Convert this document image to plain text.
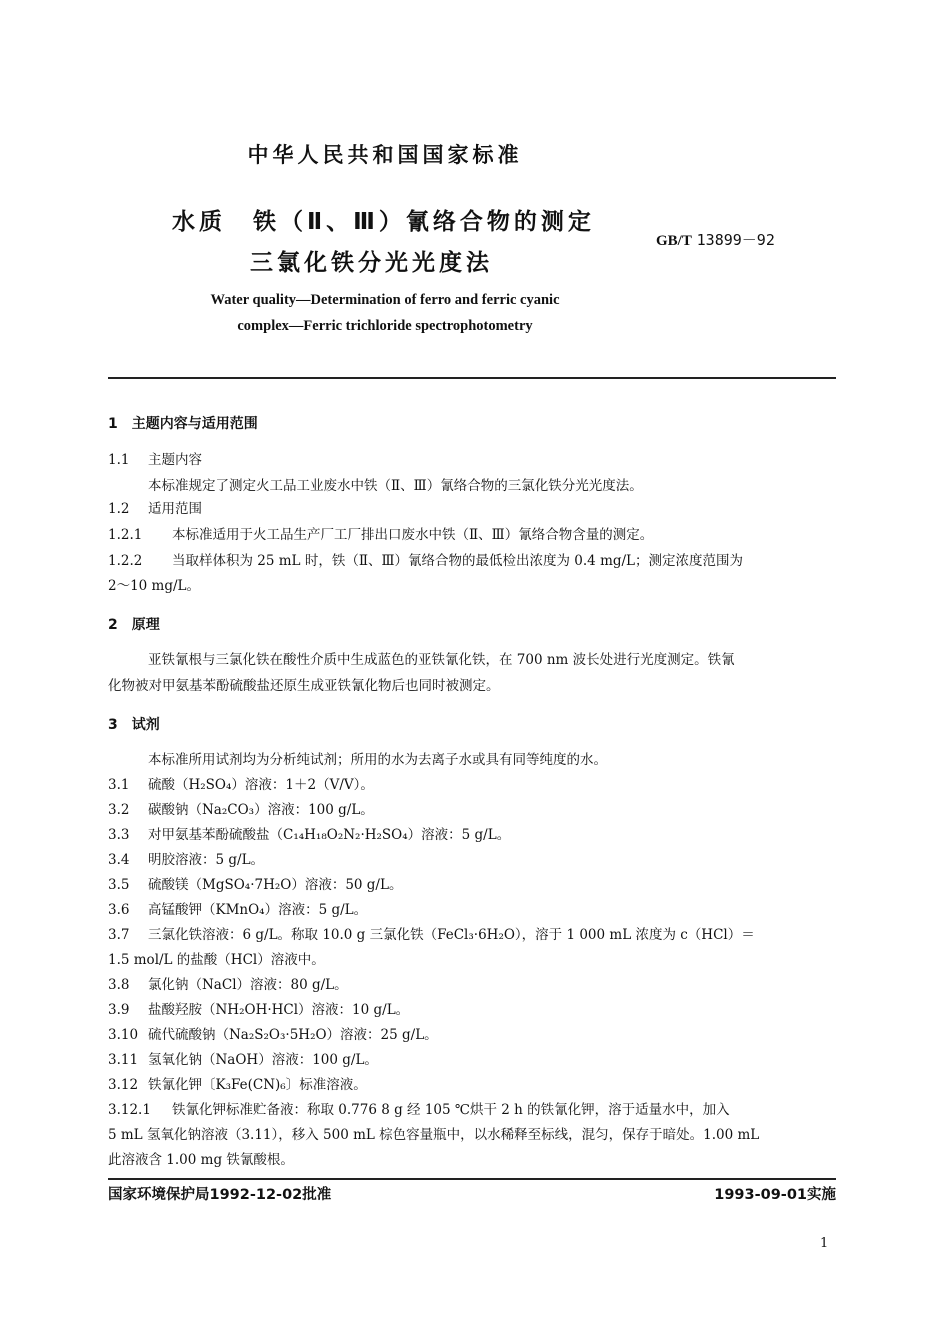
中华人民共和国国家标准
水质　铁（Ⅱ、Ⅲ）氰络合物的测定
三氯化铁分光光度法
GB/T 13899－92
Water quality—Determination of ferro and ferric cyanic
complex—Ferric trichloride spectrophotometry
1　主题内容与适用范围
1.1 主题内容
本标准规定了测定火工品工业废水中铁（Ⅱ、Ⅲ）氰络合物的三氯化铁分光光度法。
1.2 适用范围
1.2.1 本标准适用于火工品生产厂工厂排出口废水中铁（Ⅱ、Ⅲ）氰络合物含量的测定。
1.2.2 当取样体积为 25 mL 时，铁（Ⅱ、Ⅲ）氰络合物的最低检出浓度为 0.4 mg/L；测定浓度范围为
2～10 mg/L。
2　原理
亚铁氰根与三氯化铁在酸性介质中生成蓝色的亚铁氰化铁，在 700 nm 波长处进行光度测定。铁氰
化物被对甲氨基苯酚硫酸盐还原生成亚铁氰化物后也同时被测定。
3　试剂
本标准所用试剂均为分析纯试剂；所用的水为去离子水或具有同等纯度的水。
3.1 硫酸（H₂SO₄）溶液：1＋2（V/V）。
3.2 碳酸钠（Na₂CO₃）溶液：100 g/L。
3.3 对甲氨基苯酚硫酸盐（C₁₄H₁₈O₂N₂·H₂SO₄）溶液：5 g/L。
3.4 明胶溶液：5 g/L。
3.5 硫酸镁（MgSO₄·7H₂O）溶液：50 g/L。
3.6 高锰酸钾（KMnO₄）溶液：5 g/L。
3.7 三氯化铁溶液：6 g/L。称取 10.0 g 三氯化铁（FeCl₃·6H₂O），溶于 1 000 mL 浓度为 c（HCl）＝
1.5 mol/L 的盐酸（HCl）溶液中。
3.8 氯化钠（NaCl）溶液：80 g/L。
3.9 盐酸羟胺（NH₂OH·HCl）溶液：10 g/L。
3.10 硫代硫酸钠（Na₂S₂O₃·5H₂O）溶液：25 g/L。
3.11 氢氧化钠（NaOH）溶液：100 g/L。
3.12 铁氰化钾〔K₃Fe(CN)₆〕标准溶液。
3.12.1 铁氰化钾标准贮备液：称取 0.776 8 g 经 105 ℃烘干 2 h 的铁氰化钾，溶于适量水中，加入
5 mL 氢氧化钠溶液（3.11），移入 500 mL 棕色容量瓶中，以水稀释至标线，混匀，保存于暗处。1.00 mL
此溶液含 1.00 mg 铁氰酸根。
国家环境保护局1992-12-02批准	1993-09-01实施
1
